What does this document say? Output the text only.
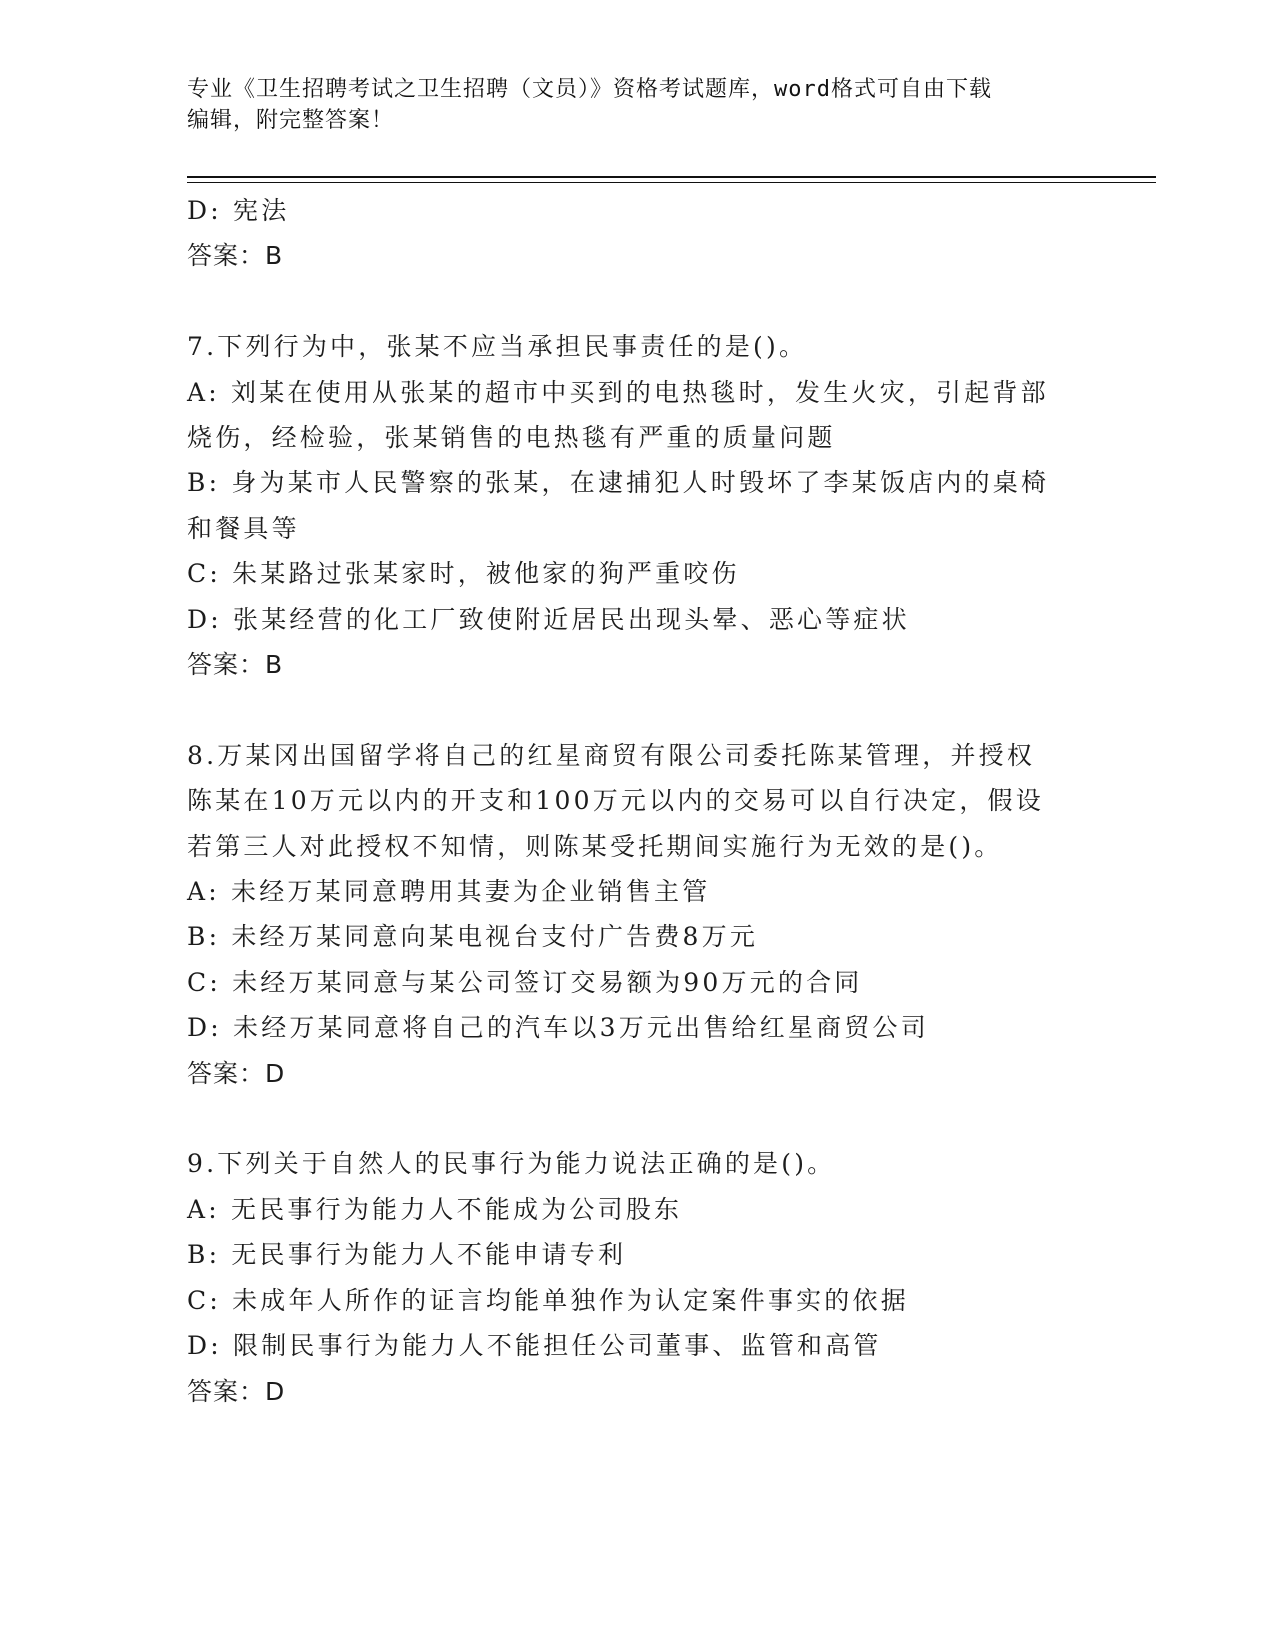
专业《卫生招聘考试之卫生招聘（文员）》资格考试题库，word格式可自由下载
编辑，附完整答案！
D: 宪法
答案：B
7.下列行为中，张某不应当承担民事责任的是()。
A: 刘某在使用从张某的超市中买到的电热毯时，发生火灾，引起背部
烧伤，经检验，张某销售的电热毯有严重的质量问题
B: 身为某市人民警察的张某，在逮捕犯人时毁坏了李某饭店内的桌椅
和餐具等
C: 朱某路过张某家时，被他家的狗严重咬伤
D: 张某经营的化工厂致使附近居民出现头晕、恶心等症状
答案：B
8.万某冈出国留学将自己的红星商贸有限公司委托陈某管理，并授权
陈某在10万元以内的开支和100万元以内的交易可以自行决定，假设
若第三人对此授权不知情，则陈某受托期间实施行为无效的是()。
A: 未经万某同意聘用其妻为企业销售主管
B: 未经万某同意向某电视台支付广告费8万元
C: 未经万某同意与某公司签订交易额为90万元的合同
D: 未经万某同意将自己的汽车以3万元出售给红星商贸公司
答案：D
9.下列关于自然人的民事行为能力说法正确的是()。
A: 无民事行为能力人不能成为公司股东
B: 无民事行为能力人不能申请专利
C: 未成年人所作的证言均能单独作为认定案件事实的依据
D: 限制民事行为能力人不能担任公司董事、监管和高管
答案：D
